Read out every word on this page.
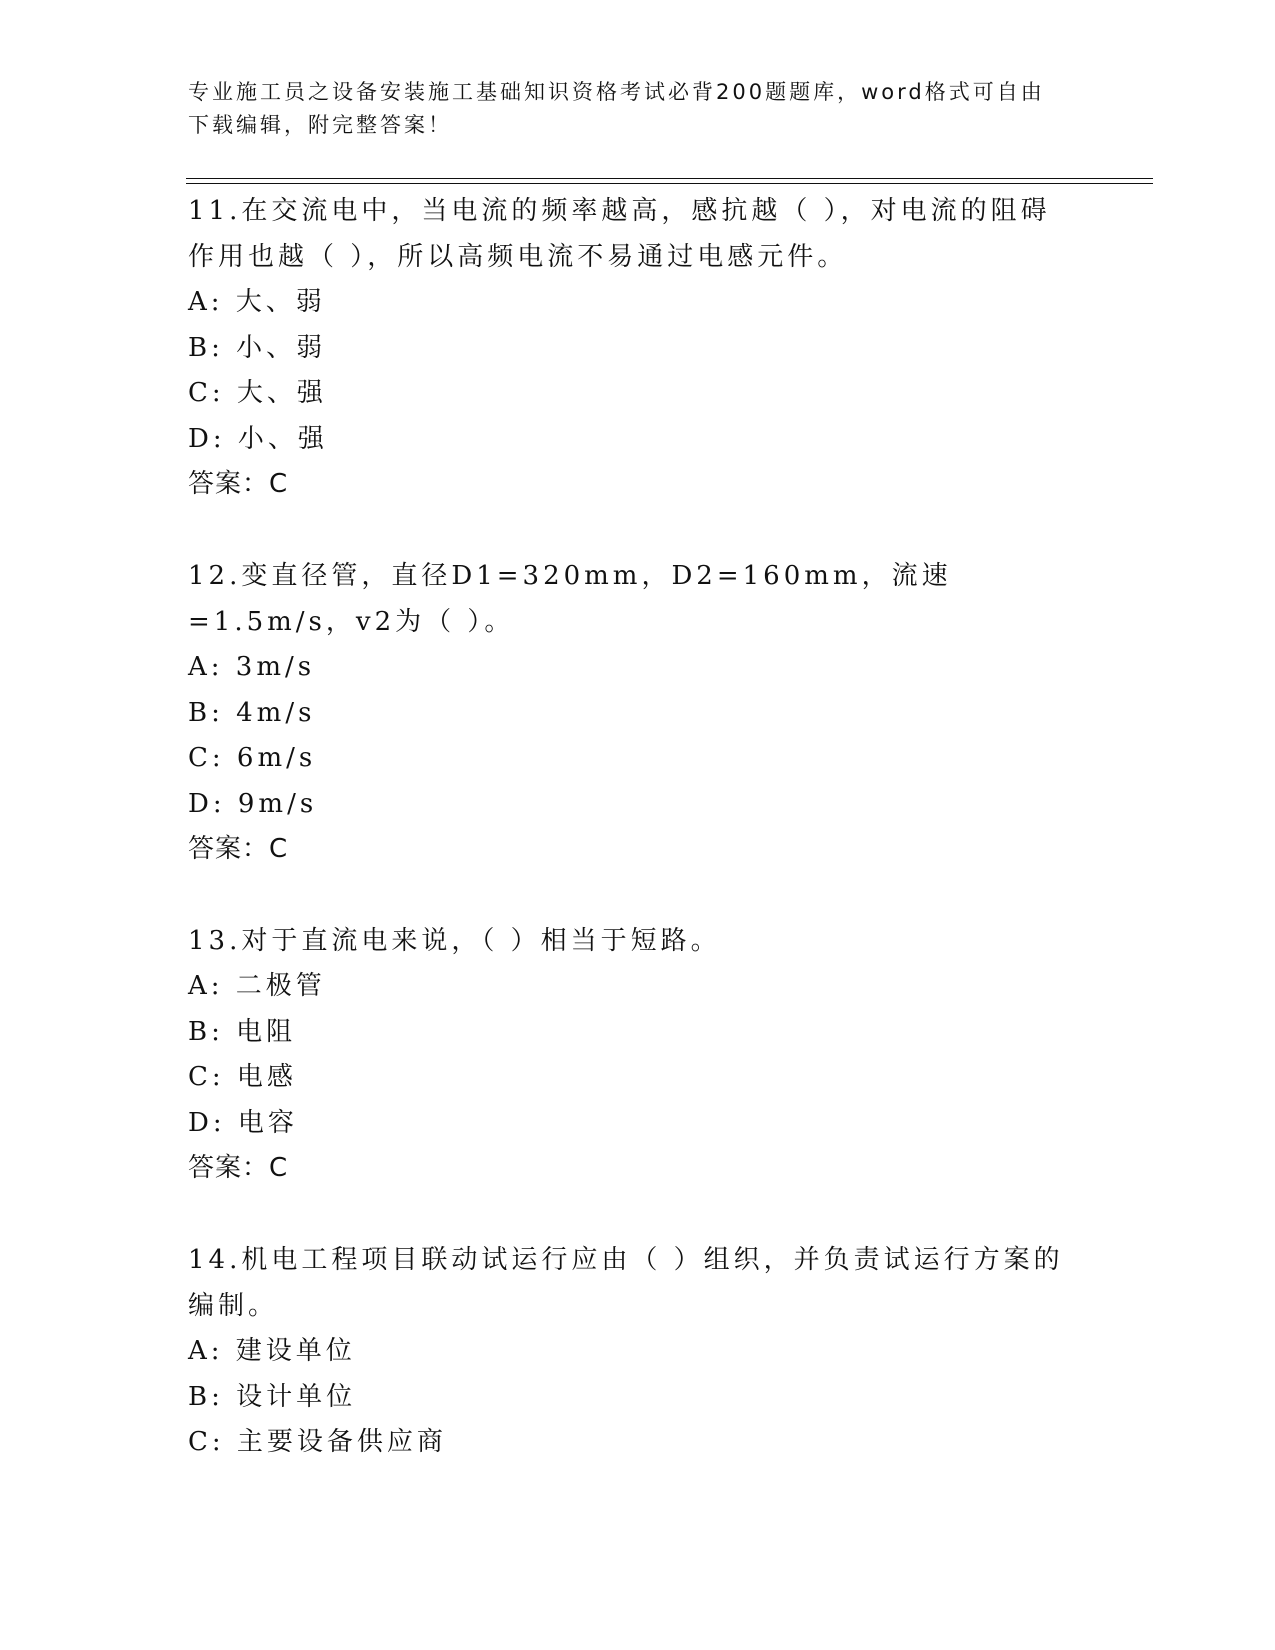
专业施工员之设备安装施工基础知识资格考试必背200题题库，word格式可自由下载编辑，附完整答案！
11.在交流电中，当电流的频率越高，感抗越（ ），对电流的阻碍作用也越（ ），所以高频电流不易通过电感元件。
A: 大、弱
B: 小、弱
C: 大、强
D: 小、强
答案：C
12.变直径管，直径D1=320mm，D2=160mm，流速=1.5m/s，v2为（ ）。
A: 3m/s
B: 4m/s
C: 6m/s
D: 9m/s
答案：C
13.对于直流电来说，（ ）相当于短路。
A: 二极管
B: 电阻
C: 电感
D: 电容
答案：C
14.机电工程项目联动试运行应由（ ）组织，并负责试运行方案的编制。
A: 建设单位
B: 设计单位
C: 主要设备供应商
